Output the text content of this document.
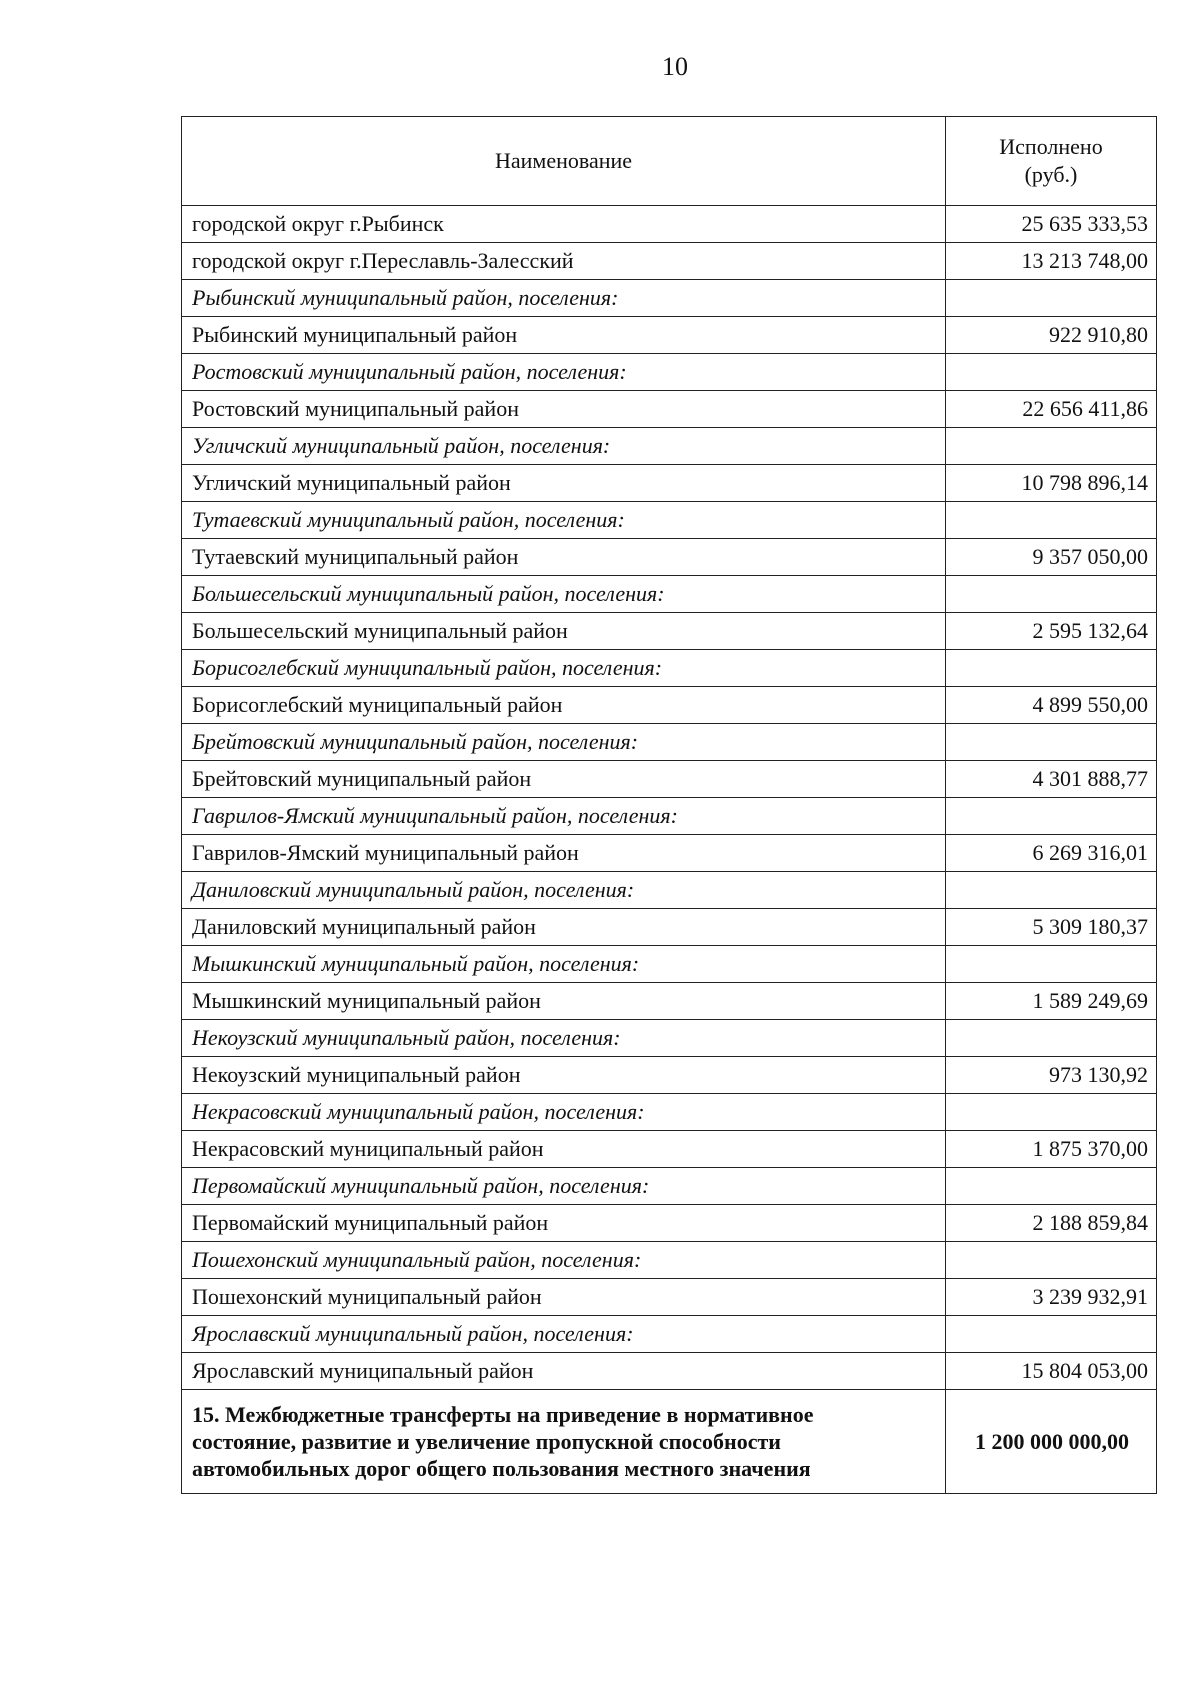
10
Наименование	Исполнено
(руб.)
городской округ г.Рыбинск	25 635 333,53
городской округ г.Переславль-Залесский	13 213 748,00
Рыбинский муниципальный район, поселения:	
Рыбинский муниципальный район	922 910,80
Ростовский муниципальный район, поселения:	
Ростовский муниципальный район	22 656 411,86
Угличский муниципальный район, поселения:	
Угличский муниципальный район	10 798 896,14
Тутаевский муниципальный район, поселения:	
Тутаевский муниципальный район	9 357 050,00
Большесельский муниципальный район, поселения:	
Большесельский муниципальный район	2 595 132,64
Борисоглебский муниципальный район, поселения:	
Борисоглебский муниципальный район	4 899 550,00
Брейтовский муниципальный район, поселения:	
Брейтовский муниципальный район	4 301 888,77
Гаврилов-Ямский муниципальный район, поселения:	
Гаврилов-Ямский муниципальный район	6 269 316,01
Даниловский муниципальный район, поселения:	
Даниловский муниципальный район	5 309 180,37
Мышкинский муниципальный район, поселения:	
Мышкинский муниципальный район	1 589 249,69
Некоузский муниципальный район, поселения:	
Некоузский муниципальный район	973 130,92
Некрасовский муниципальный район, поселения:	
Некрасовский муниципальный район	1 875 370,00
Первомайский муниципальный район, поселения:	
Первомайский муниципальный район	2 188 859,84
Пошехонский муниципальный район, поселения:	
Пошехонский муниципальный район	3 239 932,91
Ярославский муниципальный район, поселения:	
Ярославский муниципальный район	15 804 053,00
15. Межбюджетные трансферты на приведение в нормативное
состояние, развитие и увеличение пропускной способности
автомобильных дорог общего пользования местного значения	1 200 000 000,00
